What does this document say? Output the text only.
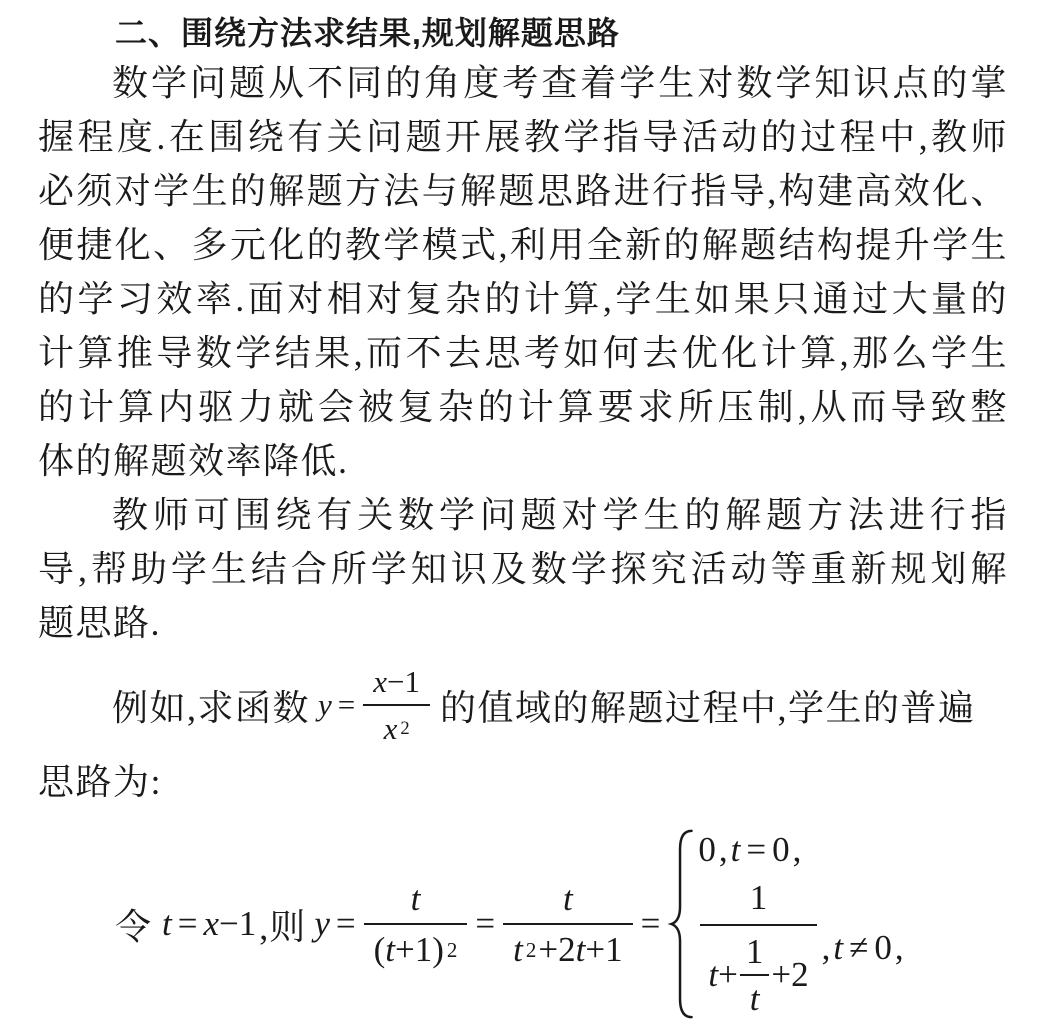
二、围绕方法求结果,规划解题思路
数学问题从不同的角度考查着学生对数学知识点的掌
握程度.在围绕有关问题开展教学指导活动的过程中,教师
必须对学生的解题方法与解题思路进行指导,构建高效化、
便捷化、多元化的教学模式,利用全新的解题结构提升学生
的学习效率.面对相对复杂的计算,学生如果只通过大量的
计算推导数学结果,而不去思考如何去优化计算,那么学生
的计算内驱力就会被复杂的计算要求所压制,从而导致整
体的解题效率降低.
教师可围绕有关数学问题对学生的解题方法进行指
导,帮助学生结合所学知识及数学探究活动等重新规划解
题思路.
例如,求函数 $y = \frac{x -1}{x 2}$ 的值域的解题过程中,学生的普遍
思路为:
令 t = x −1 ,则 $y = \frac{t}{( t +1) 2} = \frac{t}{t 2 +2 t +1}$ =
0 , t = 0 ,
1
$t + \frac{1}{t} +2$
, t ≠ 0 ,
